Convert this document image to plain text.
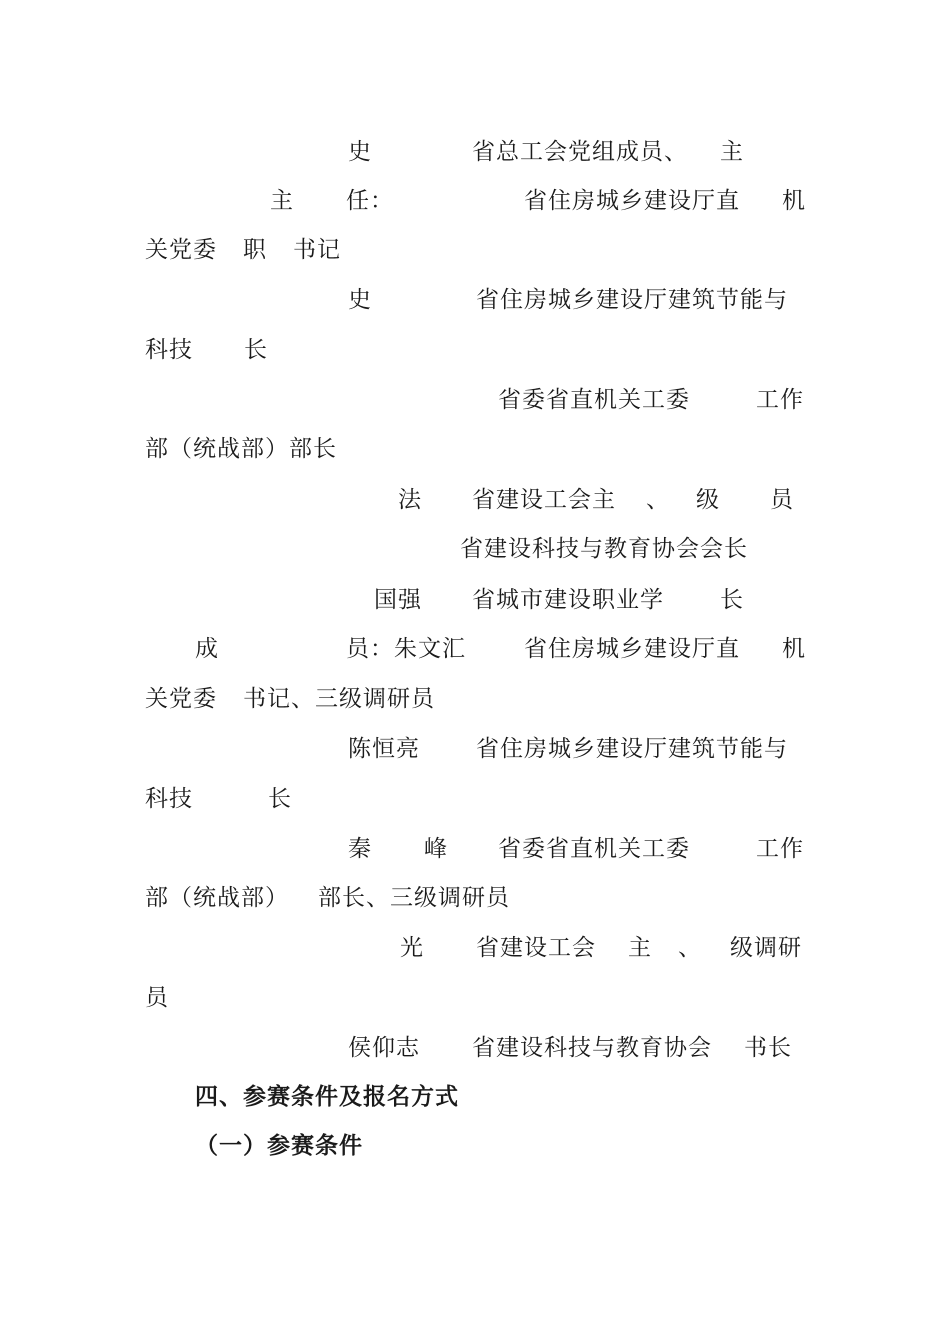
史	省总工会党组成员、 主
主 任：	省住房城乡建设厅直 机
关党委 职 书记
史	省住房城乡建设厅建筑节能与
科技 长
省委省直机关工委	工作
部（统战部）部长
法 省建设工会主 、 级 员
省建设科技与教育协会会长
国强 省城市建设职业学 长
成	员：朱文汇	省住房城乡建设厅直 机
关党委 书记、三级调研员
陈恒亮 省住房城乡建设厅建筑节能与
科技	长
秦 峰 省委省直机关工委	工作
部（统战部） 部长、三级调研员
光 省建设工会 主 、 级调研
员
侯仰志 省建设科技与教育协会 书长
四、参赛条件及报名方式
（一）参赛条件
